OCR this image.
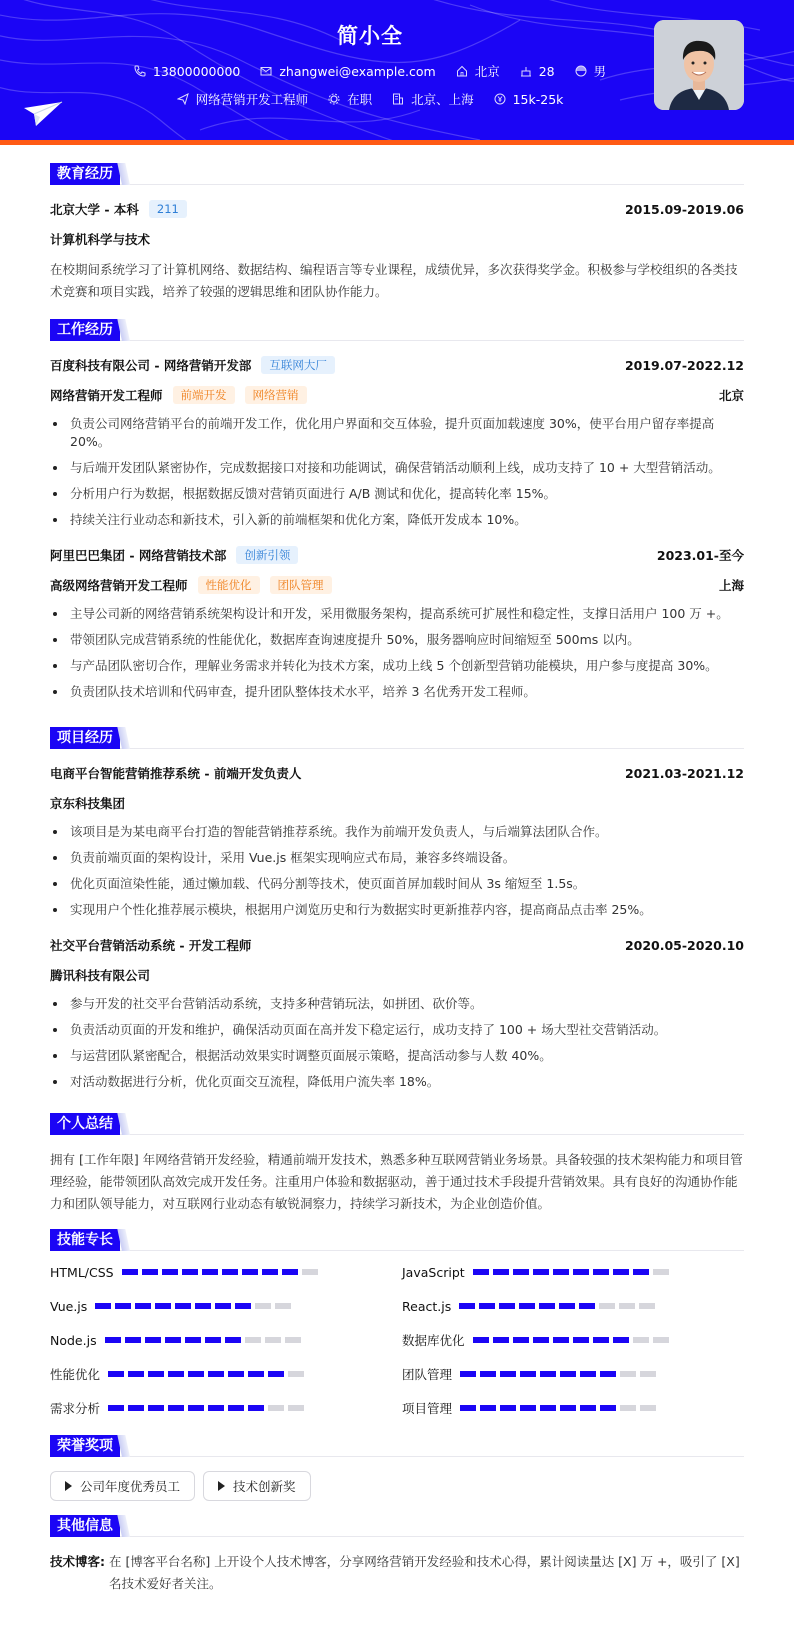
简小全
13800000000
	zhangwei@example.com
	北京
	28
	男
网络营销开发工程师
	在职
	北京、上海
	15k-25k
教育经历
北京大学 - 本科	211	2015.09-2019.06
计算机科学与技术
在校期间系统学习了计算机网络、数据结构、编程语言等专业课程，成绩优异，多次获得奖学金。积极参与学校组织的各类技术竞赛和项目实践，培养了较强的逻辑思维和团队协作能力。
工作经历
百度科技有限公司 - 网络营销开发部	互联网大厂	2019.07-2022.12
网络营销开发工程师	前端开发	网络营销	北京
负责公司网络营销平台的前端开发工作，优化用户界面和交互体验，提升页面加载速度 30%，使平台用户留存率提高 20%。
与后端开发团队紧密协作，完成数据接口对接和功能调试，确保营销活动顺利上线，成功支持了 10 + 大型营销活动。
分析用户行为数据，根据数据反馈对营销页面进行 A/B 测试和优化，提高转化率 15%。
持续关注行业动态和新技术，引入新的前端框架和优化方案，降低开发成本 10%。
阿里巴巴集团 - 网络营销技术部	创新引领	2023.01-至今
高级网络营销开发工程师	性能优化	团队管理	上海
主导公司新的网络营销系统架构设计和开发，采用微服务架构，提高系统可扩展性和稳定性，支撑日活用户 100 万 +。
带领团队完成营销系统的性能优化，数据库查询速度提升 50%，服务器响应时间缩短至 500ms 以内。
与产品团队密切合作，理解业务需求并转化为技术方案，成功上线 5 个创新型营销功能模块，用户参与度提高 30%。
负责团队技术培训和代码审查，提升团队整体技术水平，培养 3 名优秀开发工程师。
项目经历
电商平台智能营销推荐系统 - 前端开发负责人	2021.03-2021.12
京东科技集团
该项目是为某电商平台打造的智能营销推荐系统。我作为前端开发负责人，与后端算法团队合作。
负责前端页面的架构设计，采用 Vue.js 框架实现响应式布局，兼容多终端设备。
优化页面渲染性能，通过懒加载、代码分割等技术，使页面首屏加载时间从 3s 缩短至 1.5s。
实现用户个性化推荐展示模块，根据用户浏览历史和行为数据实时更新推荐内容，提高商品点击率 25%。
社交平台营销活动系统 - 开发工程师	2020.05-2020.10
腾讯科技有限公司
参与开发的社交平台营销活动系统，支持多种营销玩法，如拼团、砍价等。
负责活动页面的开发和维护，确保活动页面在高并发下稳定运行，成功支持了 100 + 场大型社交营销活动。
与运营团队紧密配合，根据活动效果实时调整页面展示策略，提高活动参与人数 40%。
对活动数据进行分析，优化页面交互流程，降低用户流失率 18%。
个人总结
拥有 [工作年限] 年网络营销开发经验，精通前端开发技术，熟悉多种互联网营销业务场景。具备较强的技术架构能力和项目管理经验，能带领团队高效完成开发任务。注重用户体验和数据驱动，善于通过技术手段提升营销效果。具有良好的沟通协作能力和团队领导能力，对互联网行业动态有敏锐洞察力，持续学习新技术，为企业创造价值。
技能专长
HTML/CSS	JavaScript
Vue.js	React.js
Node.js	数据库优化
性能优化	团队管理
需求分析	项目管理
荣誉奖项
公司年度优秀员工	技术创新奖
其他信息
技术博客: 在 [博客平台名称] 上开设个人技术博客，分享网络营销开发经验和技术心得，累计阅读量达 [X] 万 +，吸引了 [X] 名技术爱好者关注。
